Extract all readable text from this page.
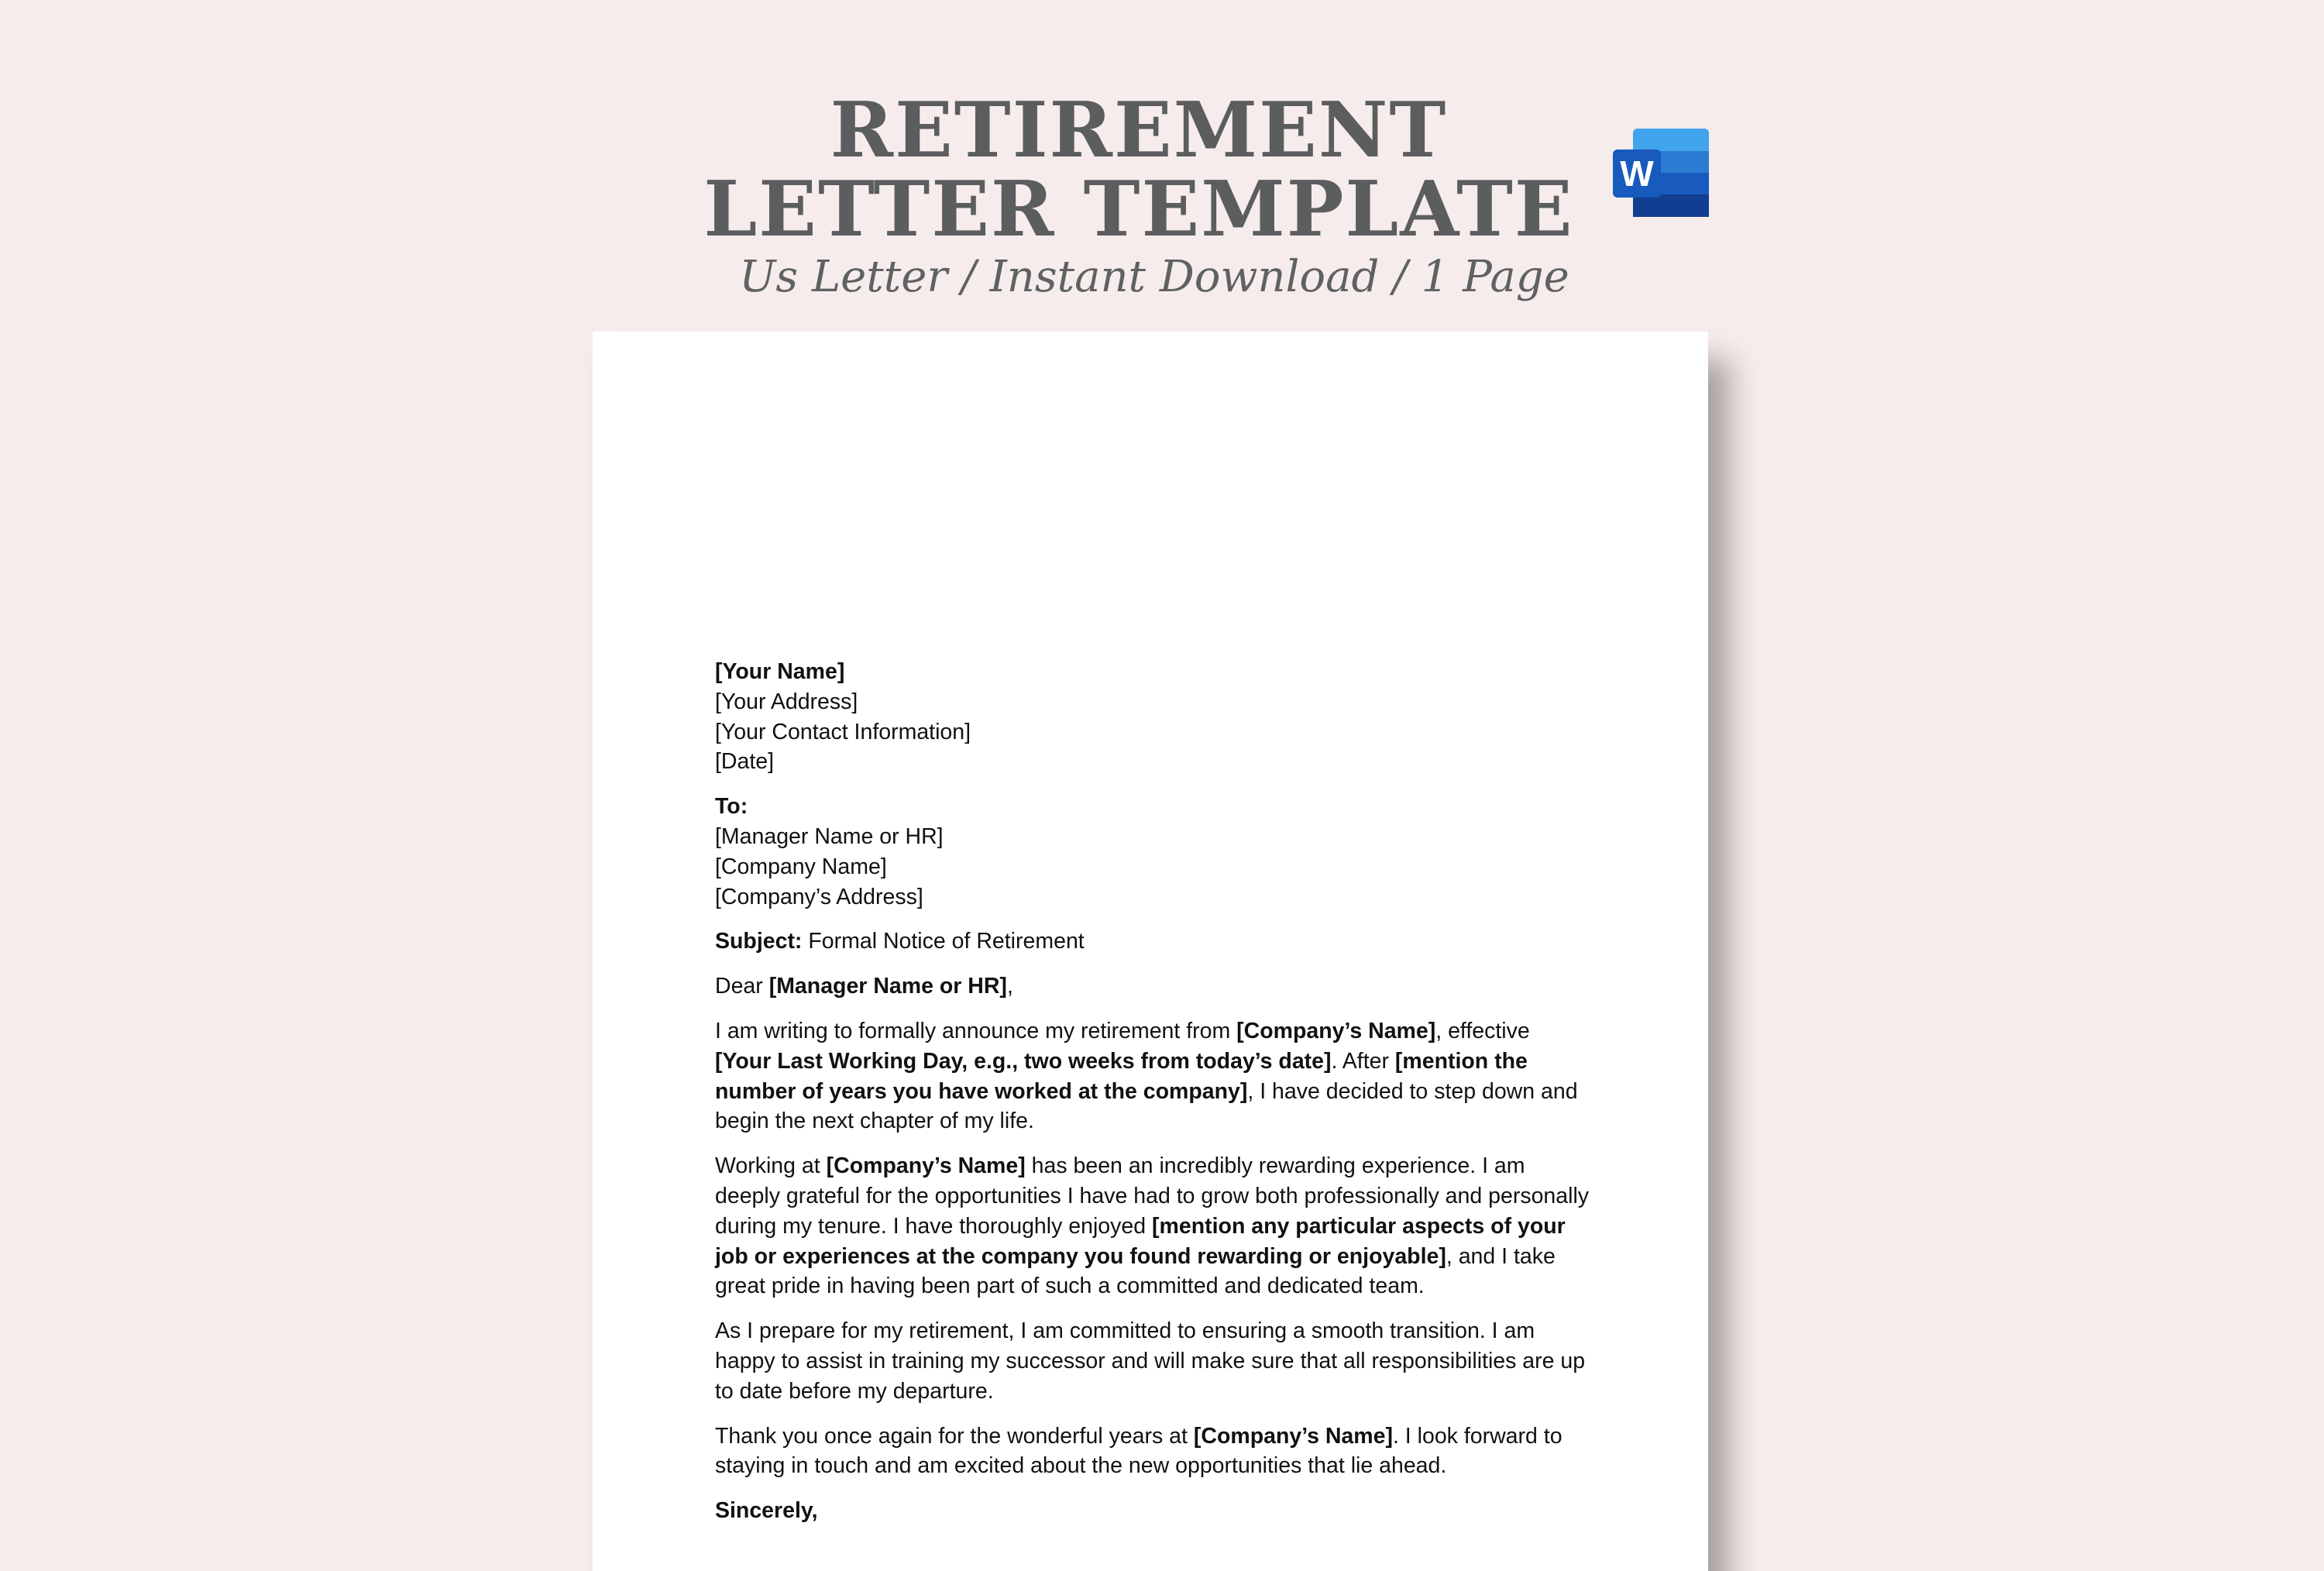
RETIREMENT
LETTER TEMPLATE
Us Letter / Instant Download / 1 Page
W

[Your Name]
[Your Address]
[Your Contact Information]
[Date]

To:
[Manager Name or HR]
[Company Name]
[Company’s Address]

Subject: Formal Notice of Retirement

Dear [Manager Name or HR],

I am writing to formally announce my retirement from [Company’s Name], effective [Your Last Working Day, e.g., two weeks from today’s date]. After [mention the number of years you have worked at the company], I have decided to step down and begin the next chapter of my life.

Working at [Company’s Name] has been an incredibly rewarding experience. I am deeply grateful for the opportunities I have had to grow both professionally and personally during my tenure. I have thoroughly enjoyed [mention any particular aspects of your job or experiences at the company you found rewarding or enjoyable], and I take great pride in having been part of such a committed and dedicated team.

As I prepare for my retirement, I am committed to ensuring a smooth transition. I am happy to assist in training my successor and will make sure that all responsibilities are up to date before my departure.

Thank you once again for the wonderful years at [Company’s Name]. I look forward to staying in touch and am excited about the new opportunities that lie ahead.

Sincerely,
